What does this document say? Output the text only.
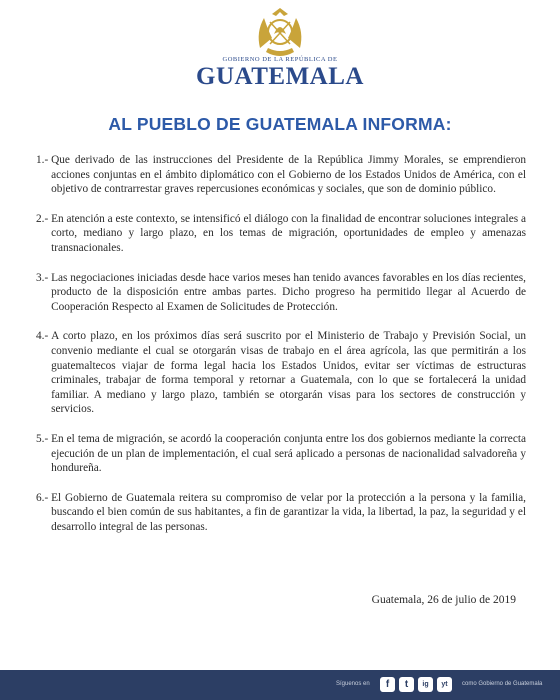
GOBIERNO DE LA REPÚBLICA DE
GUATEMALA
AL PUEBLO DE GUATEMALA INFORMA:
1.- Que derivado de las instrucciones del Presidente de la República Jimmy Morales, se emprendieron acciones conjuntas en el ámbito diplomático con el Gobierno de los Estados Unidos de América, con el objetivo de contrarrestar graves repercusiones económicas y sociales, que son de dominio público.
2.- En atención a este contexto, se intensificó el diálogo con la finalidad de encontrar soluciones integrales a corto, mediano y largo plazo, en los temas de migración, oportunidades de empleo y amenazas transnacionales.
3.- Las negociaciones iniciadas desde hace varios meses han tenido avances favorables en los días recientes, producto de la disposición entre ambas partes. Dicho progreso ha permitido llegar al Acuerdo de Cooperación Respecto al Examen de Solicitudes de Protección.
4.- A corto plazo, en los próximos días será suscrito por el Ministerio de Trabajo y Previsión Social, un convenio mediante el cual se otorgarán visas de trabajo en el área agrícola, las que permitirán a los guatemaltecos viajar de forma legal hacia los Estados Unidos, evitar ser víctimas de estructuras criminales, trabajar de forma temporal y retornar a Guatemala, con lo que se fortalecerá la unidad familiar. A mediano y largo plazo, también se otorgarán visas para los sectores de construcción y servicios.
5.- En el tema de migración, se acordó la cooperación conjunta entre los dos gobiernos mediante la correcta ejecución de un plan de implementación, el cual será aplicado a personas de nacionalidad salvadoreña y hondureña.
6.- El Gobierno de Guatemala reitera su compromiso de velar por la protección a la persona y la familia, buscando el bien común de sus habitantes, a fin de garantizar la vida, la libertad, la paz, la seguridad y el desarrollo integral de las personas.
Guatemala, 26 de julio de 2019
Síguenos en	f	t	ig	yt	como Gobierno de Guatemala
